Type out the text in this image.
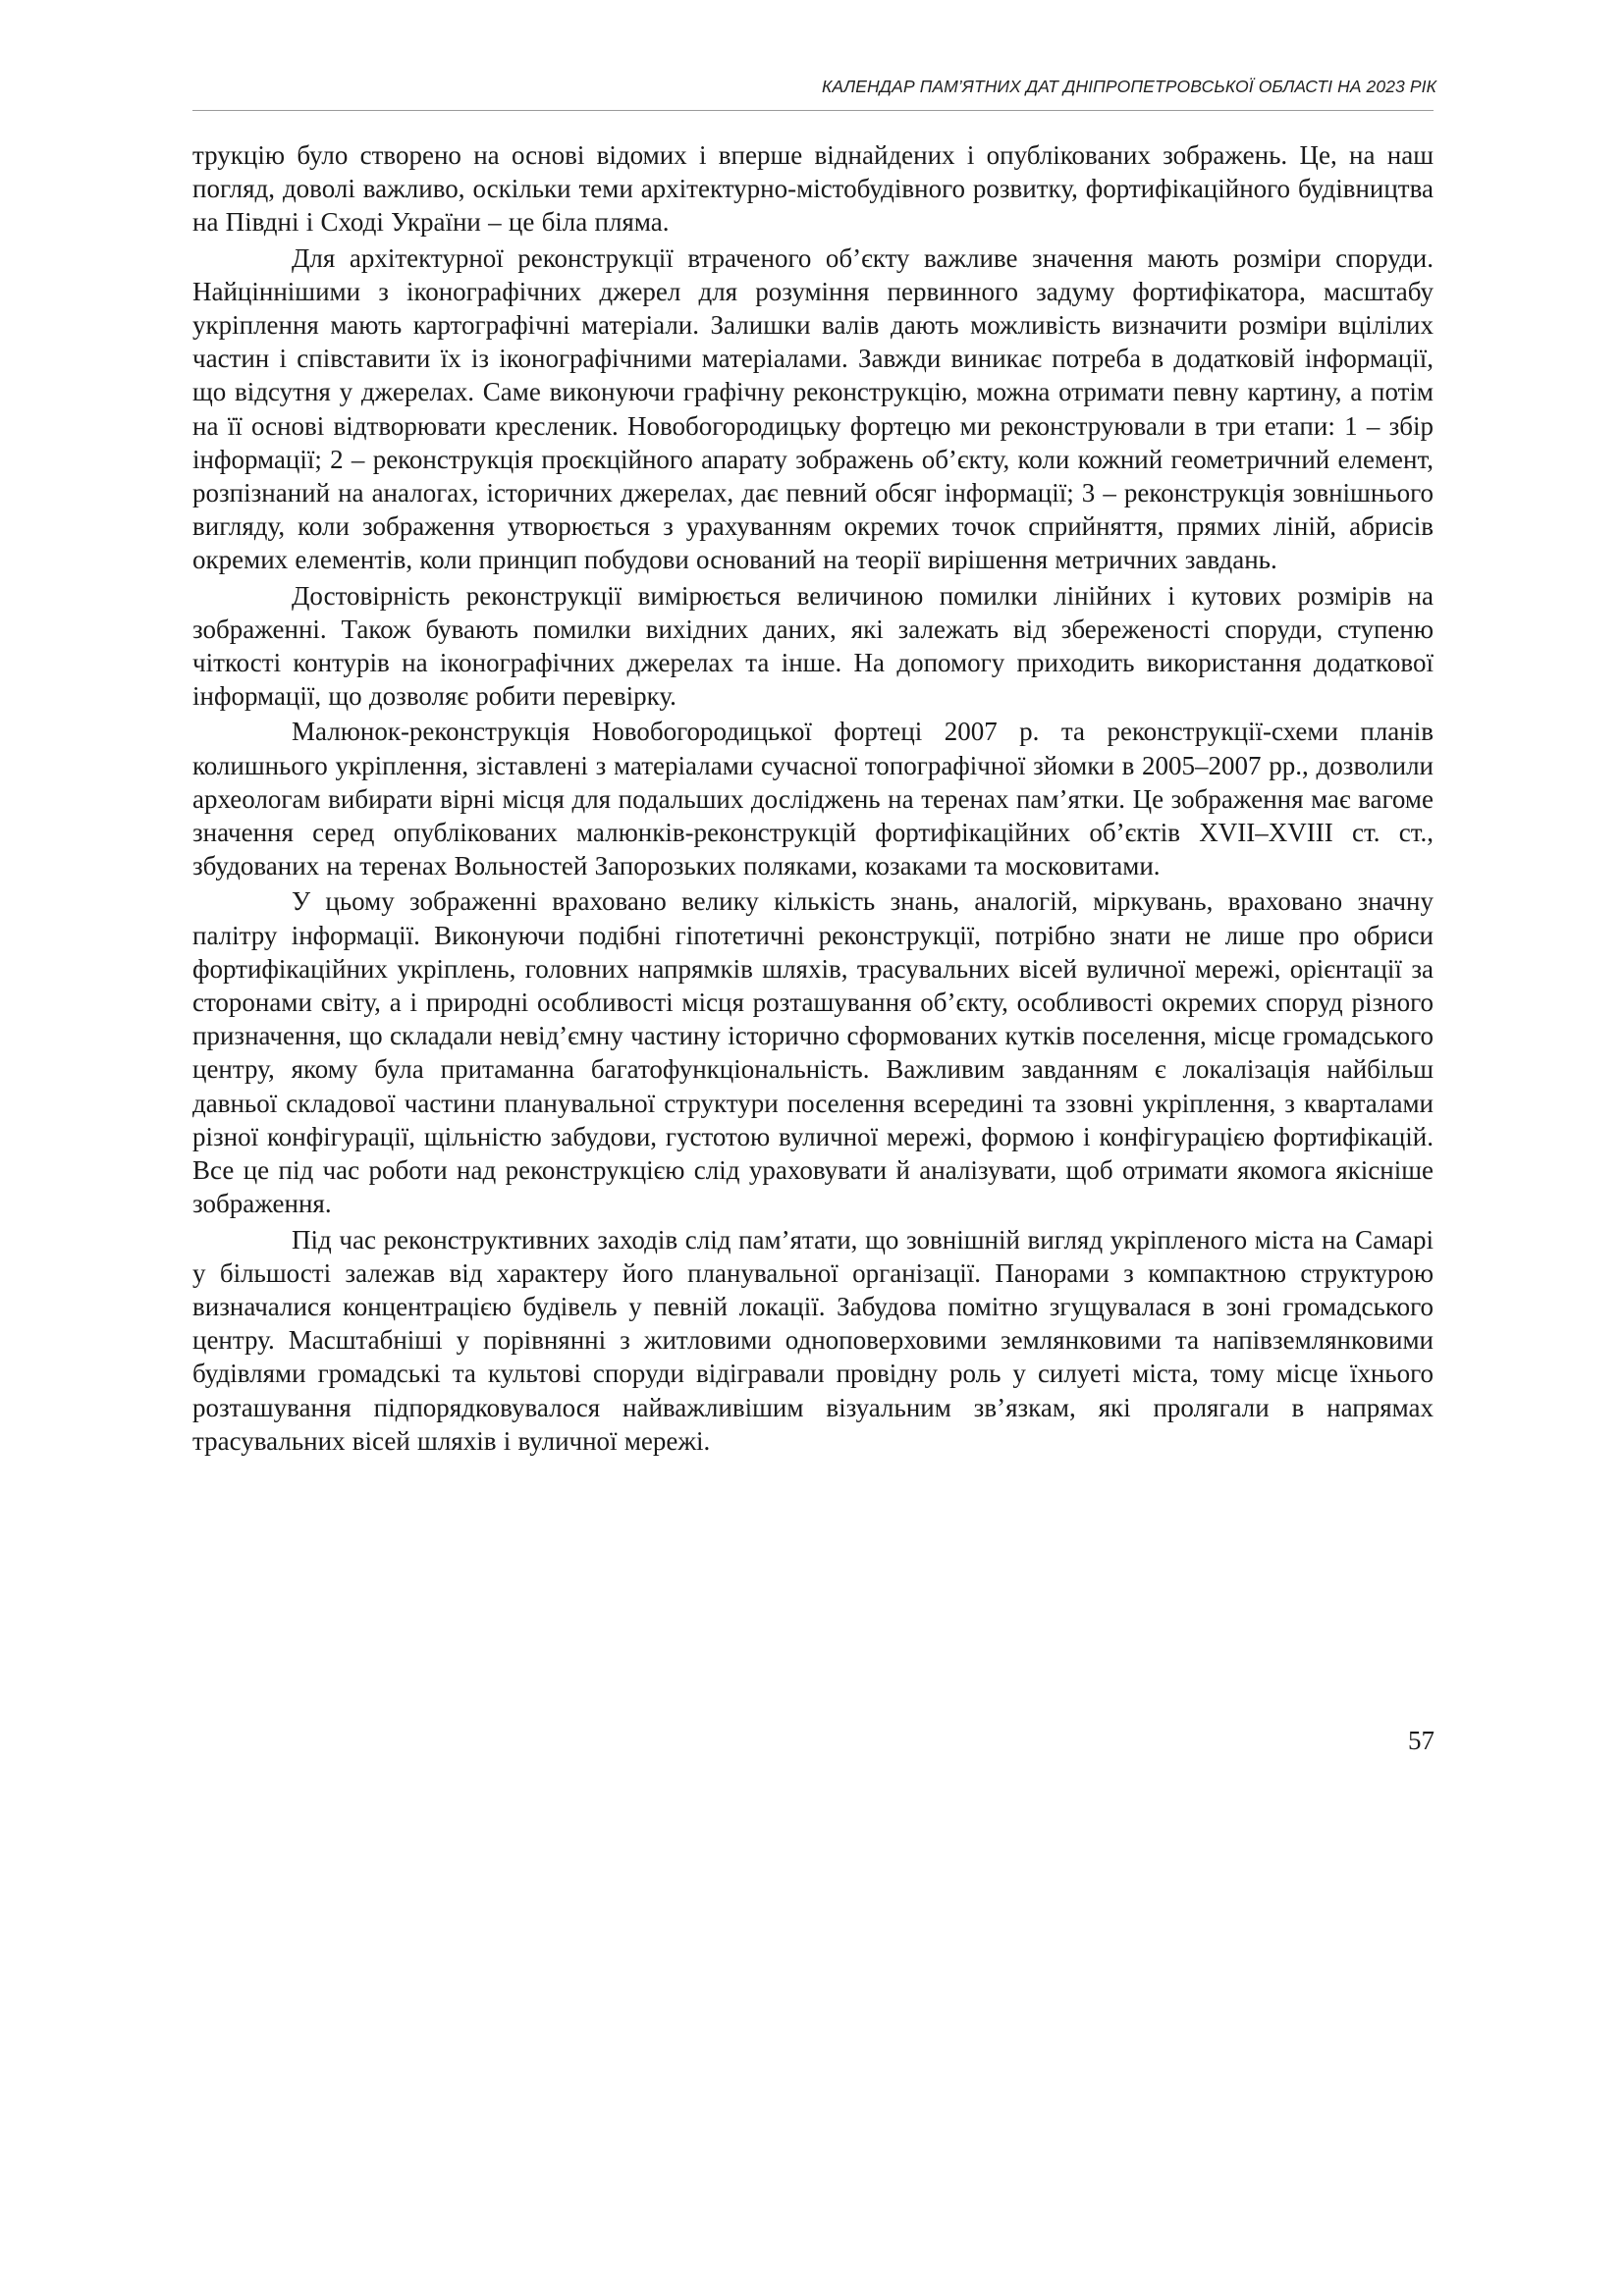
КАЛЕНДАР ПАМ’ЯТНИХ ДАТ ДНІПРОПЕТРОВСЬКОЇ ОБЛАСТІ НА 2023 РІК

трукцію було створено на основі відомих і вперше віднайдених і опублікованих зображень. Це, на наш погляд, доволі важливо, оскільки теми архітектурно-містобудівного розвитку, фортифікаційного будівництва на Півдні і Сході України – це біла пляма.

Для архітектурної реконструкції втраченого об’єкту важливе значення мають розміри споруди. Найціннішими з іконографічних джерел для розуміння первинного задуму фортифікатора, масштабу укріплення мають картографічні матеріали. Залишки валів дають можливість визначити розміри вцілілих частин і співставити їх із іконографічними матеріалами. Завжди виникає потреба в додатковій інформації, що відсутня у джерелах. Саме виконуючи графічну реконструкцію, можна отримати певну картину, а потім на її основі відтворювати кресленик. Новобогородицьку фортецю ми реконструювали в три етапи: 1 – збір інформації; 2 – реконструкція проєкційного апарату зображень об’єкту, коли кожний геометричний елемент, розпізнаний на аналогах, історичних джерелах, дає певний обсяг інформації; 3 – реконструкція зовнішнього вигляду, коли зображення утворюється з урахуванням окремих точок сприйняття, прямих ліній, абрисів окремих елементів, коли принцип побудови оснований на теорії вирішення метричних завдань.

Достовірність реконструкції вимірюється величиною помилки лінійних і кутових розмірів на зображенні. Також бувають помилки вихідних даних, які залежать від збереженості споруди, ступеню чіткості контурів на іконографічних джерелах та інше. На допомогу приходить використання додаткової інформації, що дозволяє робити перевірку.

Малюнок-реконструкція Новобогородицької фортеці 2007 р. та реконструкції-схеми планів колишнього укріплення, зіставлені з матеріалами сучасної топографічної зйомки в 2005–2007 рр., дозволили археологам вибирати вірні місця для подальших досліджень на теренах пам’ятки. Це зображення має вагоме значення серед опублікованих малюнків-реконструкцій фортифікаційних об’єктів XVII–XVIII ст. ст., збудованих на теренах Вольностей Запорозьких поляками, козаками та московитами.

У цьому зображенні враховано велику кількість знань, аналогій, міркувань, враховано значну палітру інформації. Виконуючи подібні гіпотетичні реконструкції, потрібно знати не лише про обриси фортифікаційних укріплень, головних напрямків шляхів, трасувальних вісей вуличної мережі, орієнтації за сторонами світу, а і природні особливості місця розташування об’єкту, особливості окремих споруд різного призначення, що складали невід’ємну частину історично сформованих кутків поселення, місце громадського центру, якому була притаманна багатофункціональність. Важливим завданням є локалізація найбільш давньої складової частини планувальної структури поселення всередині та ззовні укріплення, з кварталами різної конфігурації, щільністю забудови, густотою вуличної мережі, формою і конфігурацією фортифікацій. Все це під час роботи над реконструкцією слід ураховувати й аналізувати, щоб отримати якомога якісніше зображення.

Під час реконструктивних заходів слід пам’ятати, що зовнішній вигляд укріпленого міста на Самарі у більшості залежав від характеру його планувальної організації. Панорами з компактною структурою визначалися концентрацією будівель у певній локації. Забудова помітно згущувалася в зоні громадського центру. Масштабніші у порівнянні з житловими одноповерховими землянковими та напівземлянковими будівлями громадські та культові споруди відігравали провідну роль у силуеті міста, тому місце їхнього розташування підпорядковувалося найважливішим візуальним зв’язкам, які пролягали в напрямах трасувальних вісей шляхів і вуличної мережі.

57
